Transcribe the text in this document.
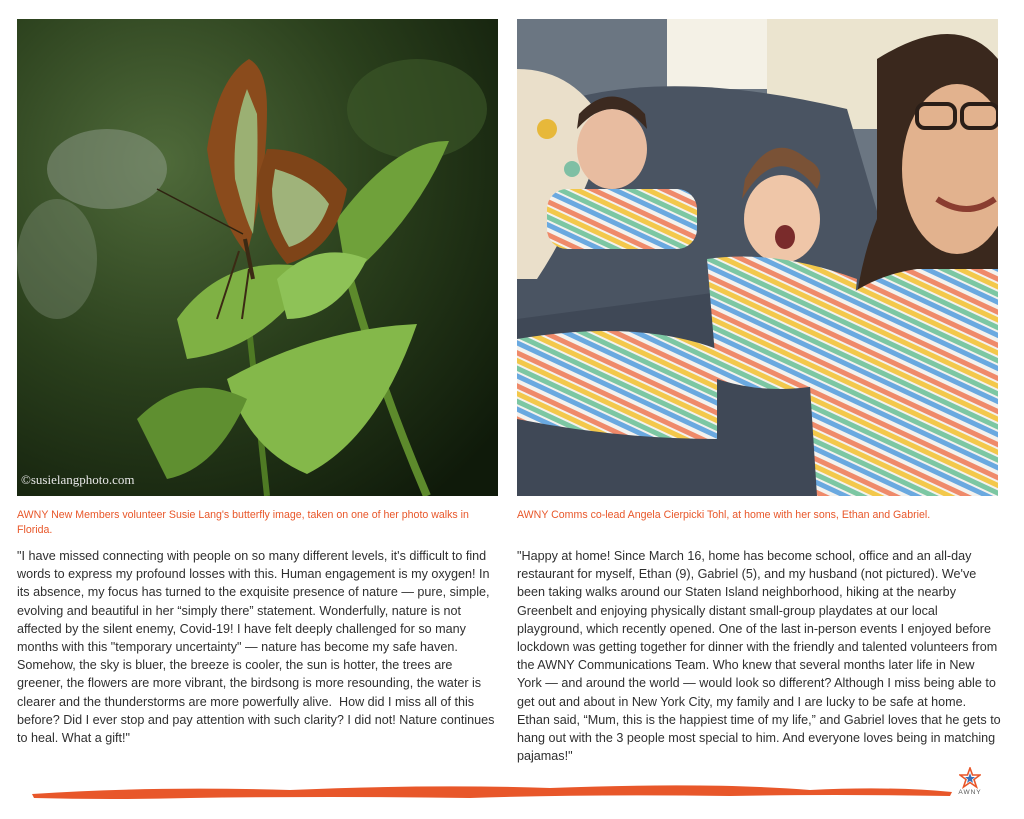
©susielangphoto.com
AWNY New Members volunteer Susie Lang's butterfly image, taken on one of her photo walks in Florida.
AWNY Comms co-lead Angela Cierpicki Tohl, at home with her sons, Ethan and Gabriel.

"I have missed connecting with people on so many different levels, it's difficult to find words to express my profound losses with this. Human engagement is my oxygen! In its absence, my focus has turned to the exquisite presence of nature — pure, simple, evolving and beautiful in her “simply there” statement. Wonderfully, nature is not affected by the silent enemy, Covid-19! I have felt deeply challenged for so many months with this "temporary uncertainty" — nature has become my safe haven. Somehow, the sky is bluer, the breeze is cooler, the sun is hotter, the trees are greener, the flowers are more vibrant, the birdsong is more resounding, the water is clearer and the thunderstorms are more powerfully alive.  How did I miss all of this before? Did I ever stop and pay attention with such clarity? I did not! Nature continues to heal. What a gift!"

"Happy at home! Since March 16, home has become school, office and an all-day restaurant for myself, Ethan (9), Gabriel (5), and my husband (not pictured). We've been taking walks around our Staten Island neighborhood, hiking at the nearby Greenbelt and enjoying physically distant small-group playdates at our local playground, which recently opened. One of the last in-person events I enjoyed before lockdown was getting together for dinner with the friendly and talented volunteers from the AWNY Communications Team. Who knew that several months later life in New York — and around the world — would look so different? Although I miss being able to get out and about in New York City, my family and I are lucky to be safe at home. Ethan said, “Mum, this is the happiest time of my life,” and Gabriel loves that he gets to hang out with the 3 people most special to him. And everyone loves being in matching pajamas!"

AWNY
